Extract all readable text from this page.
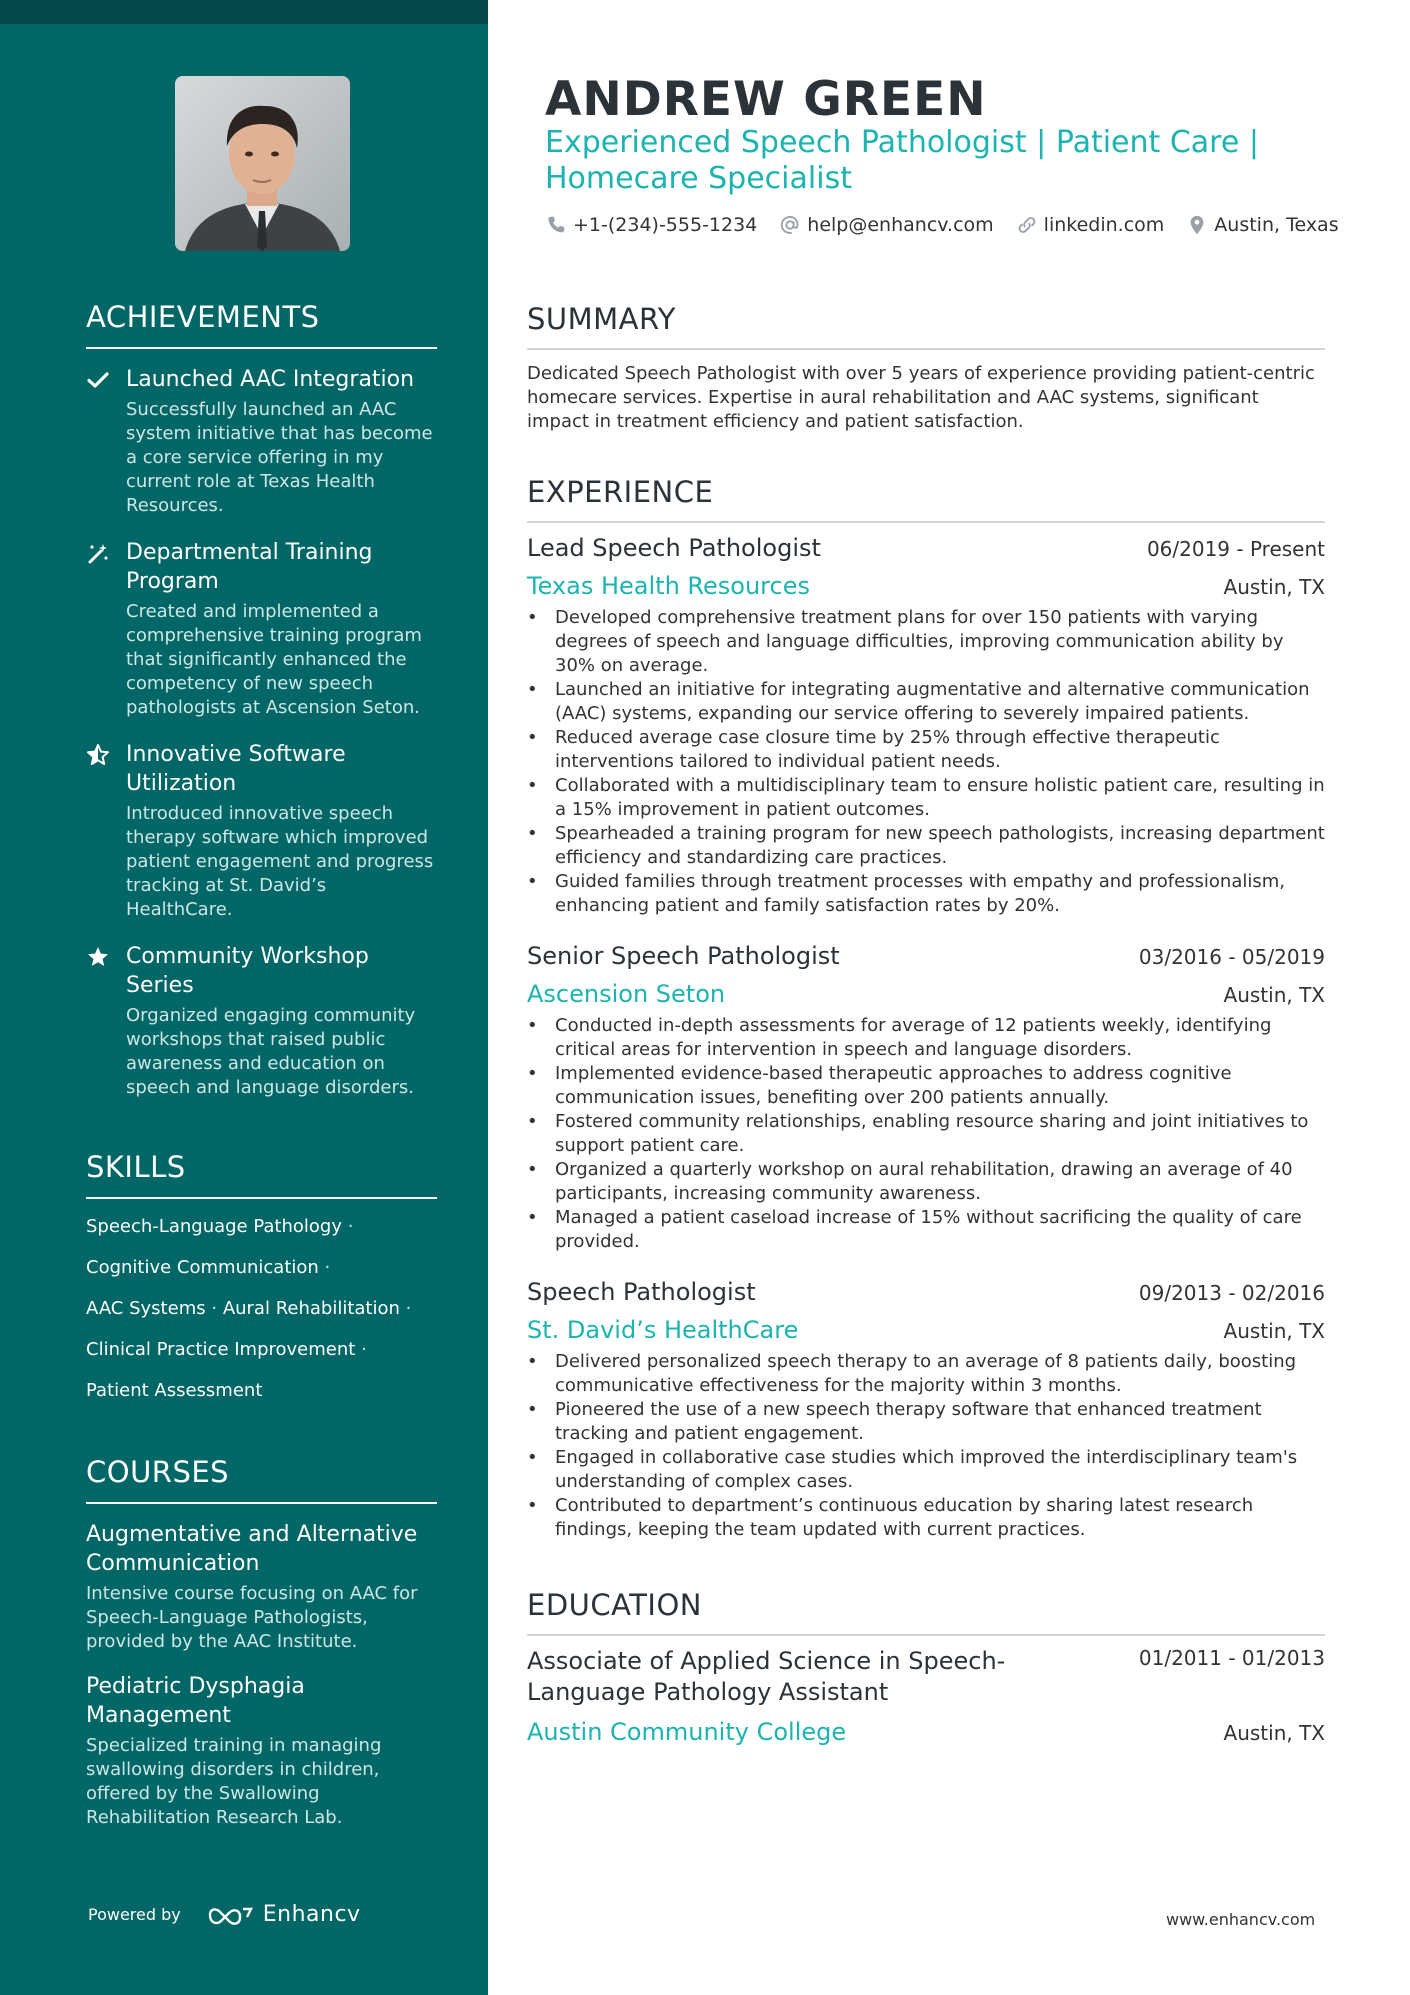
ACHIEVEMENTS
Launched AAC Integration
Successfully launched an AAC system initiative that has become a core service offering in my current role at Texas Health Resources.
Departmental Training Program
Created and implemented a comprehensive training program that significantly enhanced the competency of new speech pathologists at Ascension Seton.
Innovative Software Utilization
Introduced innovative speech therapy software which improved patient engagement and progress tracking at St. David’s HealthCare.
Community Workshop Series
Organized engaging community workshops that raised public awareness and education on speech and language disorders.
SKILLS
Speech-Language Pathology ·
Cognitive Communication ·
AAC Systems · Aural Rehabilitation ·
Clinical Practice Improvement ·
Patient Assessment
COURSES
Augmentative and Alternative Communication
Intensive course focusing on AAC for Speech-Language Pathologists, provided by the AAC Institute.
Pediatric Dysphagia Management
Specialized training in managing swallowing disorders in children, offered by the Swallowing Rehabilitation Research Lab.
Powered by	Enhancv
ANDREW GREEN
Experienced Speech Pathologist | Patient Care | Homecare Specialist
+1-(234)-555-1234	help@enhancv.com	linkedin.com	Austin, Texas
SUMMARY
Dedicated Speech Pathologist with over 5 years of experience providing patient-centric homecare services. Expertise in aural rehabilitation and AAC systems, significant impact in treatment efficiency and patient satisfaction.
EXPERIENCE
Lead Speech Pathologist	06/2019 - Present
Texas Health Resources	Austin, TX
• Developed comprehensive treatment plans for over 150 patients with varying degrees of speech and language difficulties, improving communication ability by 30% on average.
• Launched an initiative for integrating augmentative and alternative communication (AAC) systems, expanding our service offering to severely impaired patients.
• Reduced average case closure time by 25% through effective therapeutic interventions tailored to individual patient needs.
• Collaborated with a multidisciplinary team to ensure holistic patient care, resulting in a 15% improvement in patient outcomes.
• Spearheaded a training program for new speech pathologists, increasing department efficiency and standardizing care practices.
• Guided families through treatment processes with empathy and professionalism, enhancing patient and family satisfaction rates by 20%.
Senior Speech Pathologist	03/2016 - 05/2019
Ascension Seton	Austin, TX
• Conducted in-depth assessments for average of 12 patients weekly, identifying critical areas for intervention in speech and language disorders.
• Implemented evidence-based therapeutic approaches to address cognitive communication issues, benefiting over 200 patients annually.
• Fostered community relationships, enabling resource sharing and joint initiatives to support patient care.
• Organized a quarterly workshop on aural rehabilitation, drawing an average of 40 participants, increasing community awareness.
• Managed a patient caseload increase of 15% without sacrificing the quality of care provided.
Speech Pathologist	09/2013 - 02/2016
St. David’s HealthCare	Austin, TX
• Delivered personalized speech therapy to an average of 8 patients daily, boosting communicative effectiveness for the majority within 3 months.
• Pioneered the use of a new speech therapy software that enhanced treatment tracking and patient engagement.
• Engaged in collaborative case studies which improved the interdisciplinary team's understanding of complex cases.
• Contributed to department’s continuous education by sharing latest research findings, keeping the team updated with current practices.
EDUCATION
Associate of Applied Science in Speech-Language Pathology Assistant
01/2011 - 01/2013
Austin Community College	Austin, TX
www.enhancv.com
